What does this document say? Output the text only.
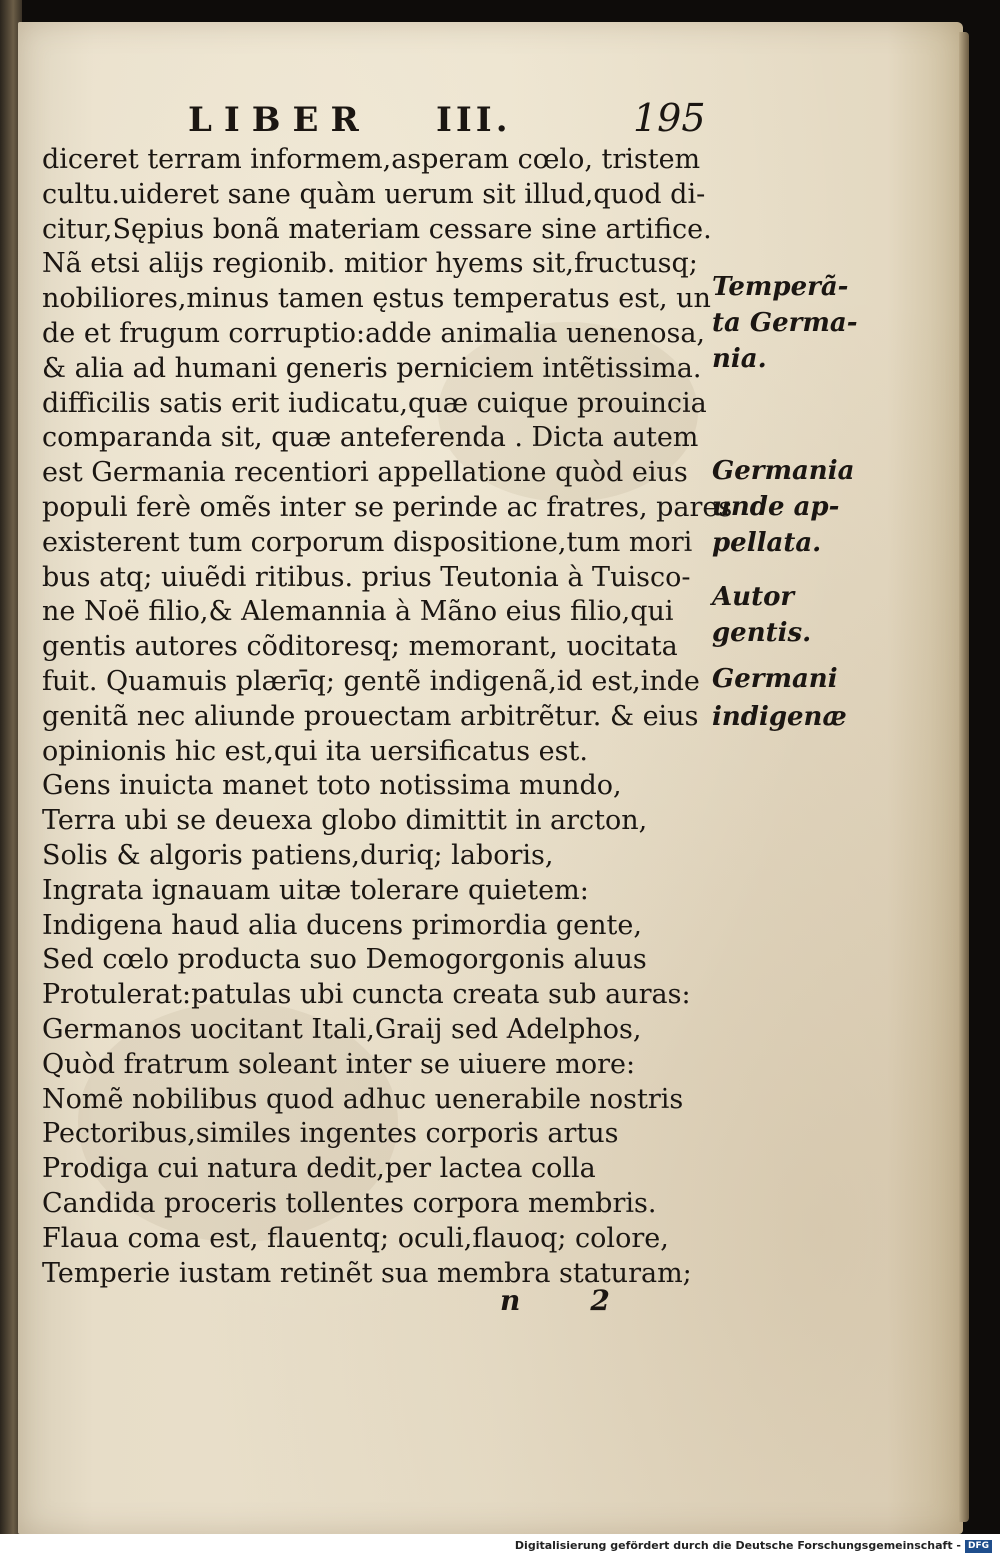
LIBER	III.	195
diceret terram informem,asperam cœlo, tristem
cultu.uideret sane quàm uerum sit illud,quod di-
citur,Sępius bonã materiam cessare sine artifice.
Nã etsi alijs regionib. mitior hyems sit,fructusq;
nobiliores,minus tamen ęstus temperatus est, un
de et frugum corruptio:adde animalia uenenosa,
& alia ad humani generis perniciem intẽtissima.
difficilis satis erit iudicatu,quæ cuique prouincia
comparanda sit, quæ anteferenda . Dicta autem
est Germania recentiori appellatione quòd eius
populi ferè omẽs inter se perinde ac fratres, pares
existerent tum corporum dispositione,tum mori
bus atq; uiuẽdi ritibus. prius Teutonia à Tuisco-
ne Noë filio,& Alemannia à Mãno eius filio,qui
gentis autores cõditoresq; memorant, uocitata
fuit. Quamuis plærīq; gentẽ indigenã,id est,inde
genitã nec aliunde prouectam arbitrẽtur. & eius
opinionis hic est,qui ita uersificatus est.
Gens inuicta manet toto notissima mundo,
Terra ubi se deuexa globo dimittit in arcton,
Solis & algoris patiens,duriq; laboris,
Ingrata ignauam uitæ tolerare quietem:
Indigena haud alia ducens primordia gente,
Sed cœlo producta suo Demogorgonis aluus
Protulerat:patulas ubi cuncta creata sub auras:
Germanos uocitant Itali,Graij sed Adelphos,
Quòd fratrum soleant inter se uiuere more:
Nomẽ nobilibus quod adhuc uenerabile nostris
Pectoribus,similes ingentes corporis artus
Prodiga cui natura dedit,per lactea colla
Candida proceris tollentes corpora membris.
Flaua coma est, flauentq; oculi,flauoq; colore,
Temperie iustam retinẽt sua membra staturam;
Temperã-
ta Germa-
nia.
Germania
unde ap-
pellata.
Autor
gentis.
Germani
indigenæ
n	2
Digitalisierung gefördert durch die Deutsche Forschungsgemeinschaft - DFG
